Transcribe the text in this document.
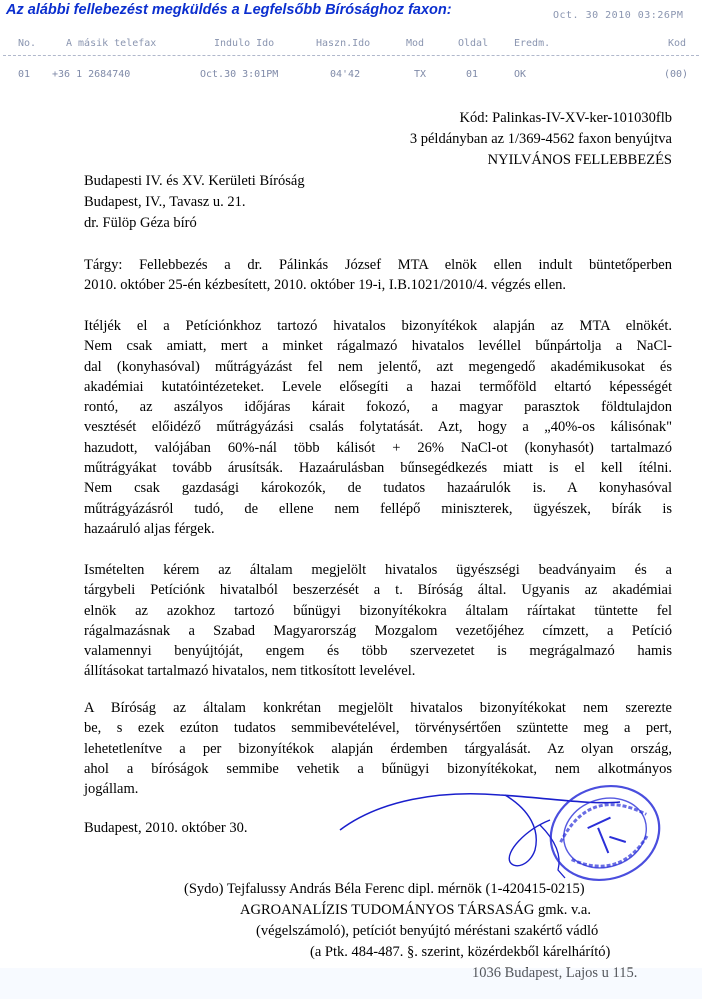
Az alábbi fellebezést megküldés a Legfelsőbb Bírósághoz faxon:	Oct. 30 2010 03:26PM
No.	A másik telefax	Indulo Ido	Haszn.Ido	Mod	Oldal	Eredm.	Kod
01 +36 1 2684740	Oct.30 3:01PM	04'42	TX	01	OK	(00)
Kód: Palinkas-IV-XV-ker-101030flb
3 példányban az 1/369-4562 faxon benyújtva
NYILVÁNOS FELLEBBEZÉS
Budapesti IV. és XV. Kerületi Bíróság
Budapest, IV., Tavasz u. 21.
dr. Fülöp Géza bíró
Tárgy: Fellebbezés a dr. Pálinkás József MTA elnök ellen indult büntetőperben
2010. október 25-én kézbesített, 2010. október 19-i, I.B.1021/2010/4. végzés ellen.
Itéljék el a Petíciónkhoz tartozó hivatalos bizonyítékok alapján az MTA elnökét.
Nem csak amiatt, mert a minket rágalmazó hivatalos levéllel bűnpártolja a NaCl-
dal (konyhasóval) műtrágyázást fel nem jelentő, azt megengedő akadémikusokat és
akadémiai kutatóintézeteket. Levele elősegíti a hazai termőföld eltartó képességét
rontó, az aszályos időjáras kárait fokozó, a magyar parasztok földtulajdon
vesztését előidéző műtrágyázási csalás folytatását. Azt, hogy a „40%-os kálisónak"
hazudott, valójában 60%-nál több kálisót + 26% NaCl-ot (konyhasót) tartalmazó
műtrágyákat tovább árusítsák. Hazaárulásban bűnsegédkezés miatt is el kell ítélni.
Nem csak gazdasági károkozók, de tudatos hazaárulók is. A konyhasóval
műtrágyázásról tudó, de ellene nem fellépő miniszterek, ügyészek, bírák is
hazaáruló aljas férgek.
Ismételten kérem az általam megjelölt hivatalos ügyészségi beadványaim és a
tárgybeli Petíciónk hivatalból beszerzését a t. Bíróság által. Ugyanis az akadémiai
elnök az azokhoz tartozó bűnügyi bizonyítékokra általam ráírtakat tüntette fel
rágalmazásnak a Szabad Magyarország Mozgalom vezetőjéhez címzett, a Petíció
valamennyi benyújtóját, engem és több szervezetet is megrágalmazó hamis
állításokat tartalmazó hivatalos, nem titkosított levelével.
A Bíróság az általam konkrétan megjelölt hivatalos bizonyítékokat nem szerezte
be, s ezek ezúton tudatos semmibevételével, törvénysértően szüntette meg a pert,
lehetetlenítve a per bizonyítékok alapján érdemben tárgyalását. Az olyan ország,
ahol a bíróságok semmibe vehetik a bűnügyi bizonyítékokat, nem alkotmányos
jogállam.
Budapest, 2010. október 30.
(Sydo) Tejfalussy András Béla Ferenc dipl. mérnök (1-420415-0215)
AGROANALÍZIS TUDOMÁNYOS TÁRSASÁG gmk. v.a.
(végelszámoló), petíciót benyújtó méréstani szakértő vádló
(a Ptk. 484-487. §. szerint, közérdekből kárelhárító)
1036 Budapest, Lajos u 115.
